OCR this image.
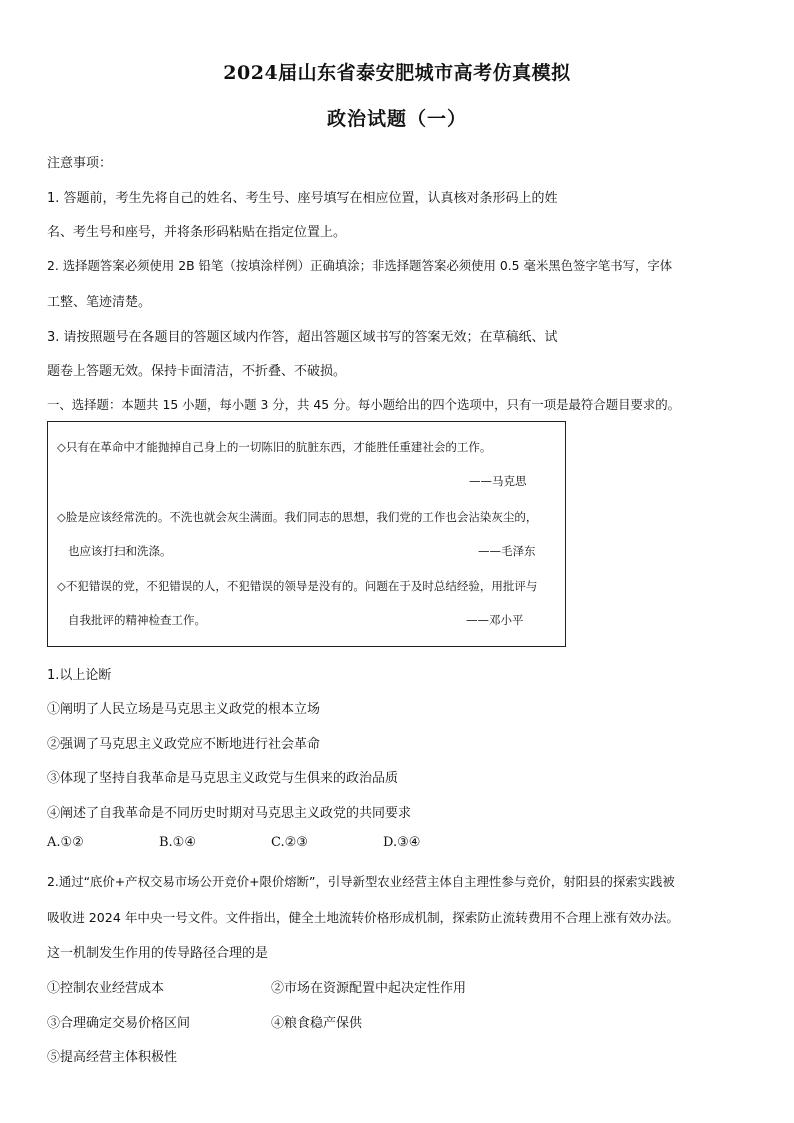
2024届山东省泰安肥城市高考仿真模拟
政治试题（一）
注意事项：
1. 答题前，考生先将自己的姓名、考生号、座号填写在相应位置，认真核对条形码上的姓
名、考生号和座号，并将条形码粘贴在指定位置上。
2. 选择题答案必须使用 2B 铅笔（按填涂样例）正确填涂；非选择题答案必须使用 0.5 毫米黑色签字笔书写，字体
工整、笔迹清楚。
3. 请按照题号在各题目的答题区域内作答，超出答题区域书写的答案无效；在草稿纸、试
题卷上答题无效。保持卡面清洁，不折叠、不破损。
一、选择题：本题共 15 小题，每小题 3 分，共 45 分。每小题给出的四个选项中，只有一项是最符合题目要求的。
◇只有在革命中才能抛掉自己身上的一切陈旧的肮脏东西，才能胜任重建社会的工作。
——马克思
◇脸是应该经常洗的。不洗也就会灰尘满面。我们同志的思想，我们党的工作也会沾染灰尘的，
也应该打扫和洗涤。	——毛泽东
◇不犯错误的党，不犯错误的人，不犯错误的领导是没有的。问题在于及时总结经验，用批评与
自我批评的精神检查工作。	——邓小平
1.以上论断
①阐明了人民立场是马克思主义政党的根本立场
②强调了马克思主义政党应不断地进行社会革命
③体现了坚持自我革命是马克思主义政党与生俱来的政治品质
④阐述了自我革命是不同历史时期对马克思主义政党的共同要求
A.①②	B.①④	C.②③	D.③④
2.通过“底价+产权交易市场公开竞价+限价熔断”，引导新型农业经营主体自主理性参与竞价，射阳县的探索实践被
吸收进 2024 年中央一号文件。文件指出，健全土地流转价格形成机制，探索防止流转费用不合理上涨有效办法。
这一机制发生作用的传导路径合理的是
①控制农业经营成本	②市场在资源配置中起决定性作用
③合理确定交易价格区间	④粮食稳产保供
⑤提高经营主体积极性
